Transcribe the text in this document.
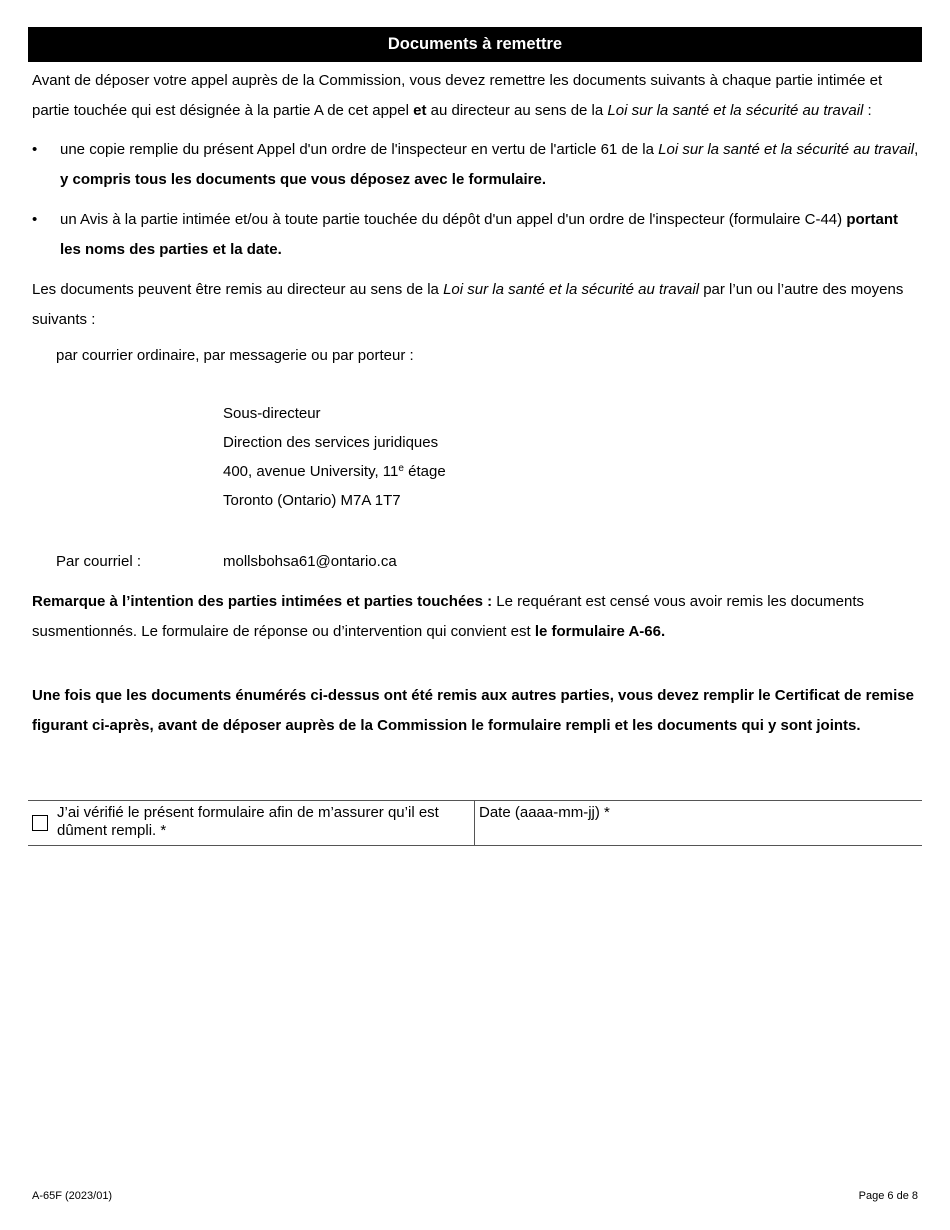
Documents à remettre

Avant de déposer votre appel auprès de la Commission, vous devez remettre les documents suivants à chaque partie intimée et partie touchée qui est désignée à la partie A de cet appel et au directeur au sens de la Loi sur la santé et la sécurité au travail :

• une copie remplie du présent Appel d'un ordre de l'inspecteur en vertu de l'article 61 de la Loi sur la santé et la sécurité au travail, y compris tous les documents que vous déposez avec le formulaire.
• un Avis à la partie intimée et/ou à toute partie touchée du dépôt d'un appel d'un ordre de l'inspecteur (formulaire C-44) portant les noms des parties et la date.

Les documents peuvent être remis au directeur au sens de la Loi sur la santé et la sécurité au travail par l’un ou l’autre des moyens suivants :

par courrier ordinaire, par messagerie ou par porteur :
Sous-directeur
Direction des services juridiques
400, avenue University, 11e étage
Toronto (Ontario) M7A 1T7
Par courriel :	mollsbohsa61@ontario.ca

Remarque à l’intention des parties intimées et parties touchées : Le requérant est censé vous avoir remis les documents susmentionnés. Le formulaire de réponse ou d’intervention qui convient est le formulaire A-66.

Une fois que les documents énumérés ci-dessus ont été remis aux autres parties, vous devez remplir le Certificat de remise figurant ci-après, avant de déposer auprès de la Commission le formulaire rempli et les documents qui y sont joints.

J’ai vérifié le présent formulaire afin de m’assurer qu’il est dûment rempli. *
Date (aaaa-mm-jj) *
A-65F (2023/01)	Page 6 de 8
